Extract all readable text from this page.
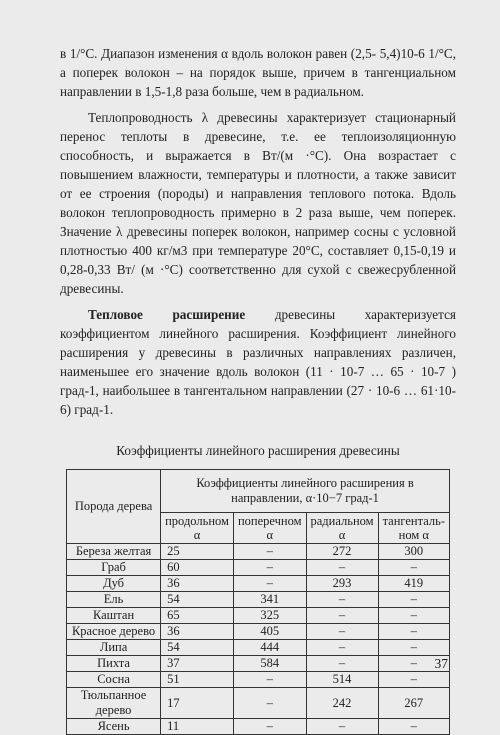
в 1/°С. Диапазон изменения α вдоль волокон равен (2,5- 5,4)10-6 1/°С, а поперек волокон – на порядок выше, причем в тангенциальном направлении в 1,5-1,8 раза больше, чем в радиальном.

Теплопроводность λ древесины характеризует стационарный перенос теплоты в древесине, т.е. ее теплоизоляционную способность, и выражается в Вт/(м ·°С). Она возрастает с повышением влажности, температуры и плотности, а также зависит от ее строения (породы) и направления теплового потока. Вдоль волокон теплопроводность примерно в 2 раза выше, чем поперек. Значение λ древесины поперек волокон, например сосны с условной плотностью 400 кг/м3 при температуре 20°С, составляет 0,15-0,19 и 0,28-0,33 Вт/ (м ·°С) соответственно для сухой с свежесрубленной древесины.

Тепловое расширение древесины характеризуется коэффициентом линейного расширения. Коэффициент линейного расширения у древесины в различных направлениях различен, наименьшее его значение вдоль волокон (11 · 10-7 … 65 · 10-7 ) град-1, наибольшее в тангентальном направлении (27 · 10-6 … 61·10-6) град-1.

Коэффициенты линейного расширения древесины
Порода дерева	Коэффициенты линейного расширения в направлении, α·10−7 град-1			
	продольном α	поперечном α	радиальном α	тангенталь-ном α
Береза желтая	25	–	272	300
Граб	60	–	–	–
Дуб	36	–	293	419
Ель	54	341	–	–
Каштан	65	325	–	–
Красное дерево	36	405	–	–
Липа	54	444	–	–
Пихта	37	584	–	–
Сосна	51	–	514	–
Тюльпанное дерево	17	–	242	267
Ясень	11	–	–	–
37
